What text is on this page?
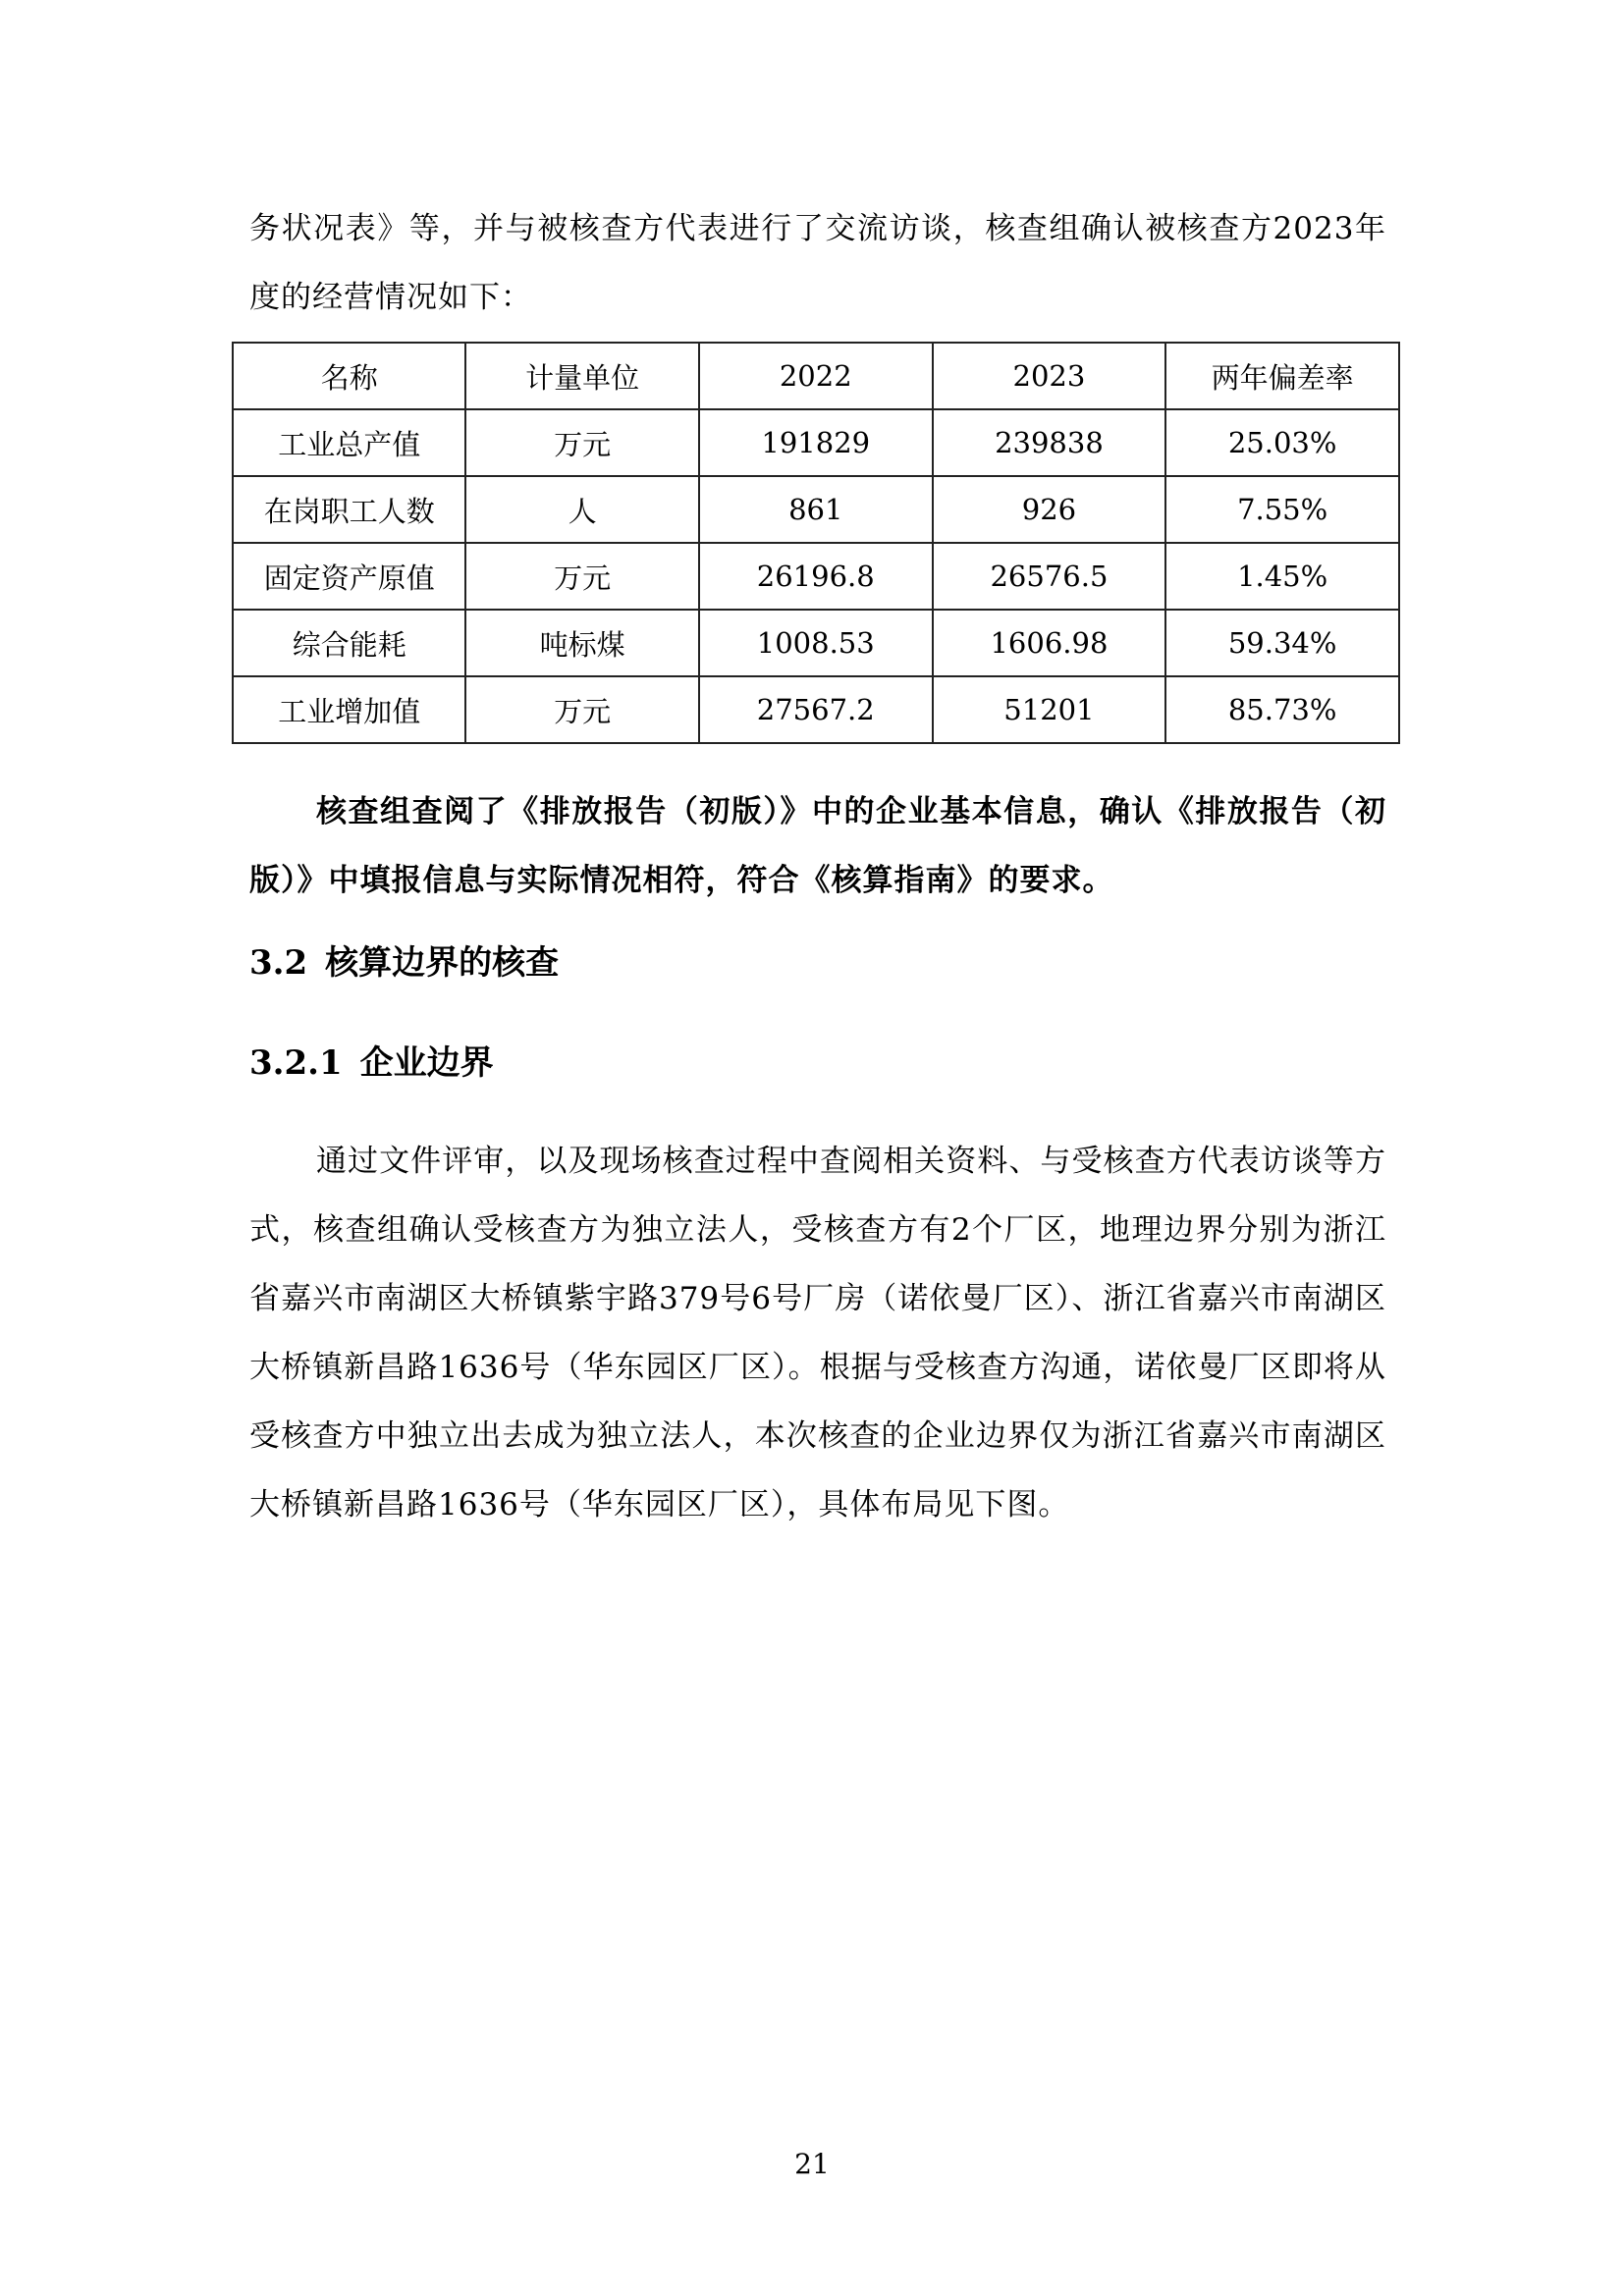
务状况表》等，并与被核查方代表进行了交流访谈，核查组确认被核查方2023年度的经营情况如下：

名称	计量单位	2022	2023	两年偏差率
工业总产值	万元	191829	239838	25.03%
在岗职工人数	人	861	926	7.55%
固定资产原值	万元	26196.8	26576.5	1.45%
综合能耗	吨标煤	1008.53	1606.98	59.34%
工业增加值	万元	27567.2	51201	85.73%

核查组查阅了《排放报告（初版）》中的企业基本信息，确认《排放报告（初版）》中填报信息与实际情况相符，符合《核算指南》的要求。

3.2 核算边界的核查
3.2.1 企业边界

通过文件评审，以及现场核查过程中查阅相关资料、与受核查方代表访谈等方式，核查组确认受核查方为独立法人，受核查方有2个厂区，地理边界分别为浙江省嘉兴市南湖区大桥镇紫宇路379号6号厂房（诺依曼厂区）、浙江省嘉兴市南湖区大桥镇新昌路1636号（华东园区厂区）。根据与受核查方沟通，诺依曼厂区即将从受核查方中独立出去成为独立法人，本次核查的企业边界仅为浙江省嘉兴市南湖区大桥镇新昌路1636号（华东园区厂区），具体布局见下图。

21
